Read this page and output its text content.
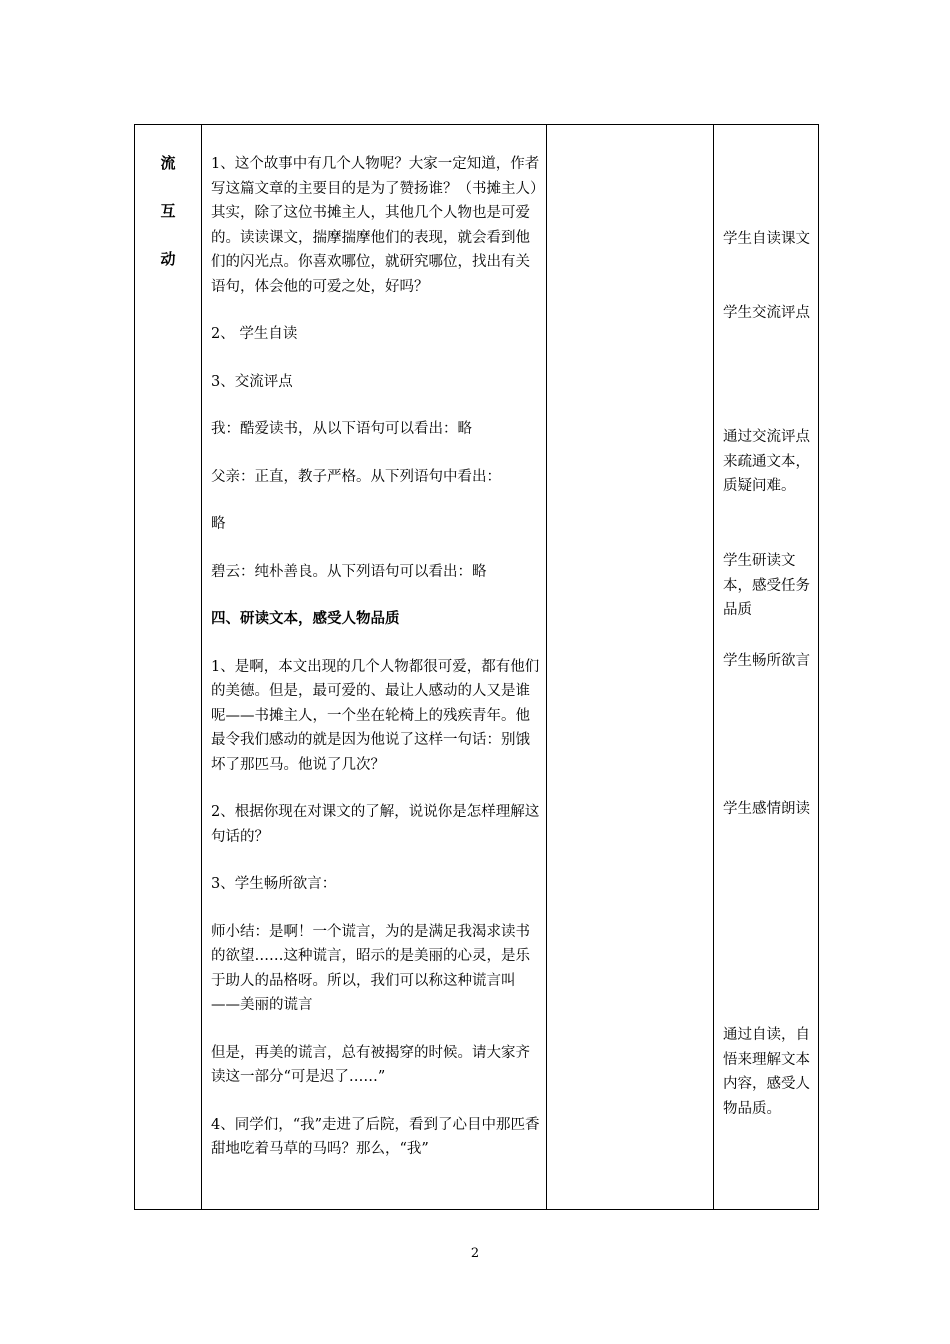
流
互
动

1、这个故事中有几个人物呢？大家一定知道，作者写这篇文章的主要目的是为了赞扬谁？（书摊主人）其实，除了这位书摊主人，其他几个人物也是可爱的。读读课文，揣摩揣摩他们的表现，就会看到他们的闪光点。你喜欢哪位，就研究哪位，找出有关语句，体会他的可爱之处，好吗？

2、 学生自读

3、交流评点

我：酷爱读书，从以下语句可以看出：略

父亲：正直，教子严格。从下列语句中看出：

略

碧云：纯朴善良。从下列语句可以看出：略

四、研读文本，感受人物品质

1、是啊，本文出现的几个人物都很可爱，都有他们的美德。但是，最可爱的、最让人感动的人又是谁呢——书摊主人，一个坐在轮椅上的残疾青年。他最令我们感动的就是因为他说了这样一句话：别饿坏了那匹马。他说了几次？

2、根据你现在对课文的了解，说说你是怎样理解这句话的？

3、学生畅所欲言：

师小结：是啊！一个谎言，为的是满足我渴求读书的欲望……这种谎言，昭示的是美丽的心灵，是乐于助人的品格呀。所以，我们可以称这种谎言叫——美丽的谎言

但是，再美的谎言，总有被揭穿的时候。请大家齐读这一部分“可是迟了……”

4、同学们，“我”走进了后院，看到了心目中那匹香甜地吃着马草的马吗？那么，“我”

学生自读课文

学生交流评点

通过交流评点来疏通文本，质疑问难。

学生研读文本，感受任务品质

学生畅所欲言

学生感情朗读

通过自读，自悟来理解文本内容，感受人物品质。

2
